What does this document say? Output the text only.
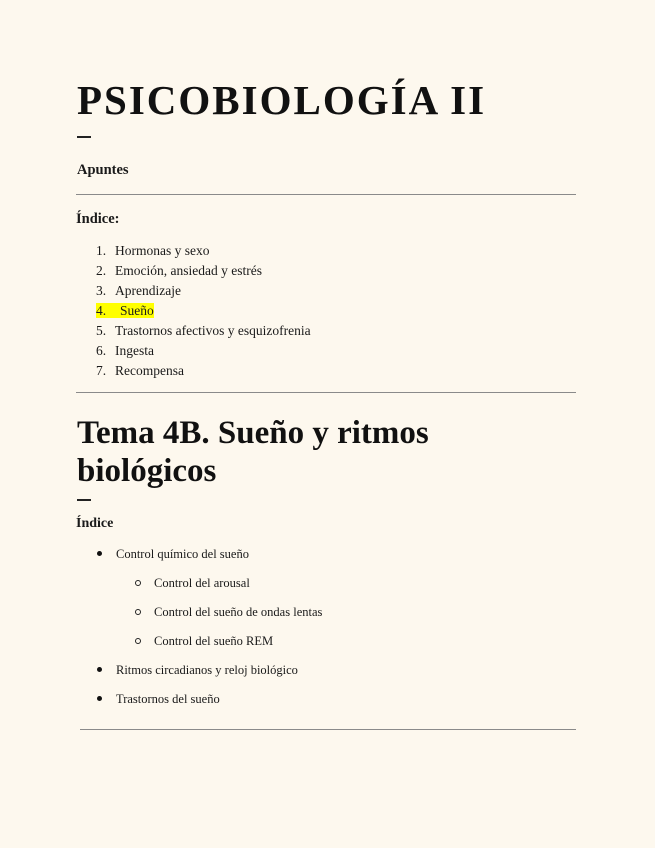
PSICOBIOLOGÍA II

Apuntes

Índice:

1. Hormonas y sexo
2. Emoción, ansiedad y estrés
3. Aprendizaje
4. Sueño
5. Trastornos afectivos y esquizofrenia
6. Ingesta
7. Recompensa
Tema 4B. Sueño y ritmos biológicos

Índice

Control químico del sueño
Control del arousal
Control del sueño de ondas lentas
Control del sueño REM
Ritmos circadianos y reloj biológico
Trastornos del sueño
